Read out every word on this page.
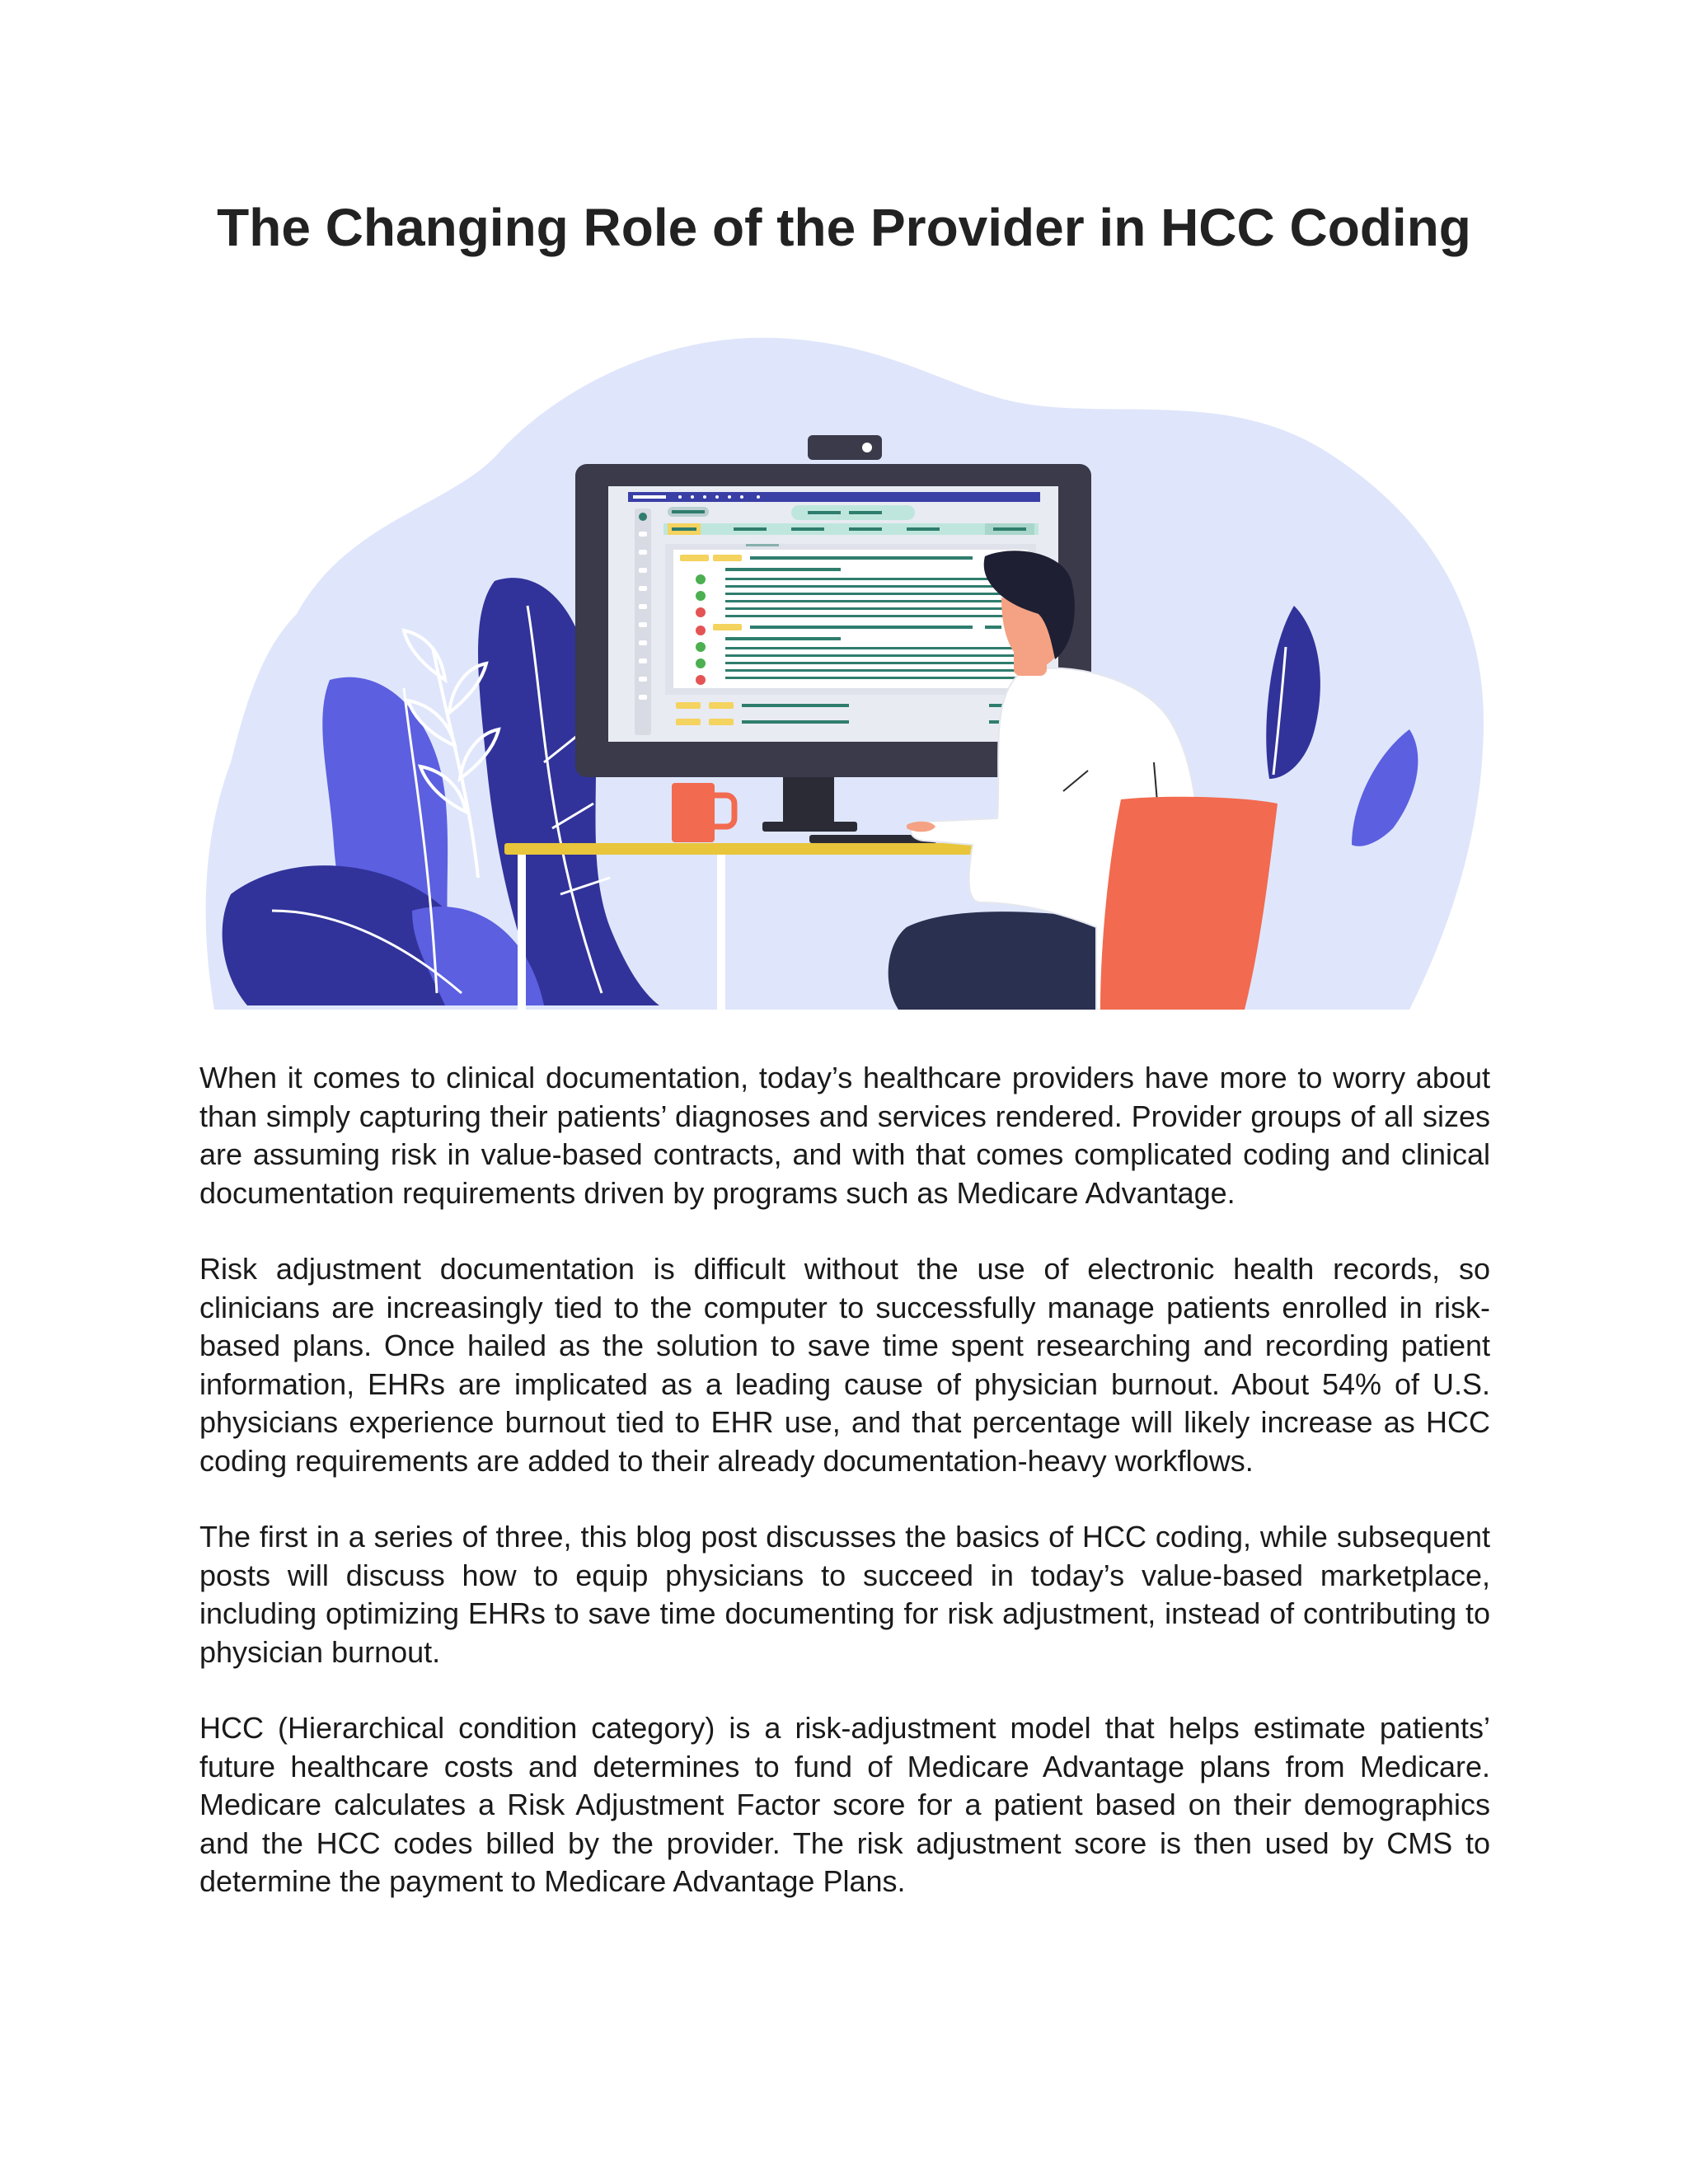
The Changing Role of the Provider in HCC Coding

When it comes to clinical documentation, today’s healthcare providers have more to worry about than simply capturing their patients’ diagnoses and services rendered. Provider groups of all sizes are assuming risk in value-based contracts, and with that comes complicated coding and clinical documentation requirements driven by programs such as Medicare Advantage.

Risk adjustment documentation is difficult without the use of electronic health records, so clinicians are increasingly tied to the computer to successfully manage patients enrolled in risk-based plans. Once hailed as the solution to save time spent researching and recording patient information, EHRs are implicated as a leading cause of physician burnout. About 54% of U.S. physicians experience burnout tied to EHR use, and that percentage will likely increase as HCC coding requirements are added to their already documentation-heavy workflows.

The first in a series of three, this blog post discusses the basics of HCC coding, while subsequent posts will discuss how to equip physicians to succeed in today’s value-based marketplace, including optimizing EHRs to save time documenting for risk adjustment, instead of contributing to physician burnout.

HCC (Hierarchical condition category) is a risk-adjustment model that helps estimate patients’ future healthcare costs and determines to fund of Medicare Advantage plans from Medicare. Medicare calculates a Risk Adjustment Factor score for a patient based on their demographics and the HCC codes billed by the provider. The risk adjustment score is then used by CMS to determine the payment to Medicare Advantage Plans.
